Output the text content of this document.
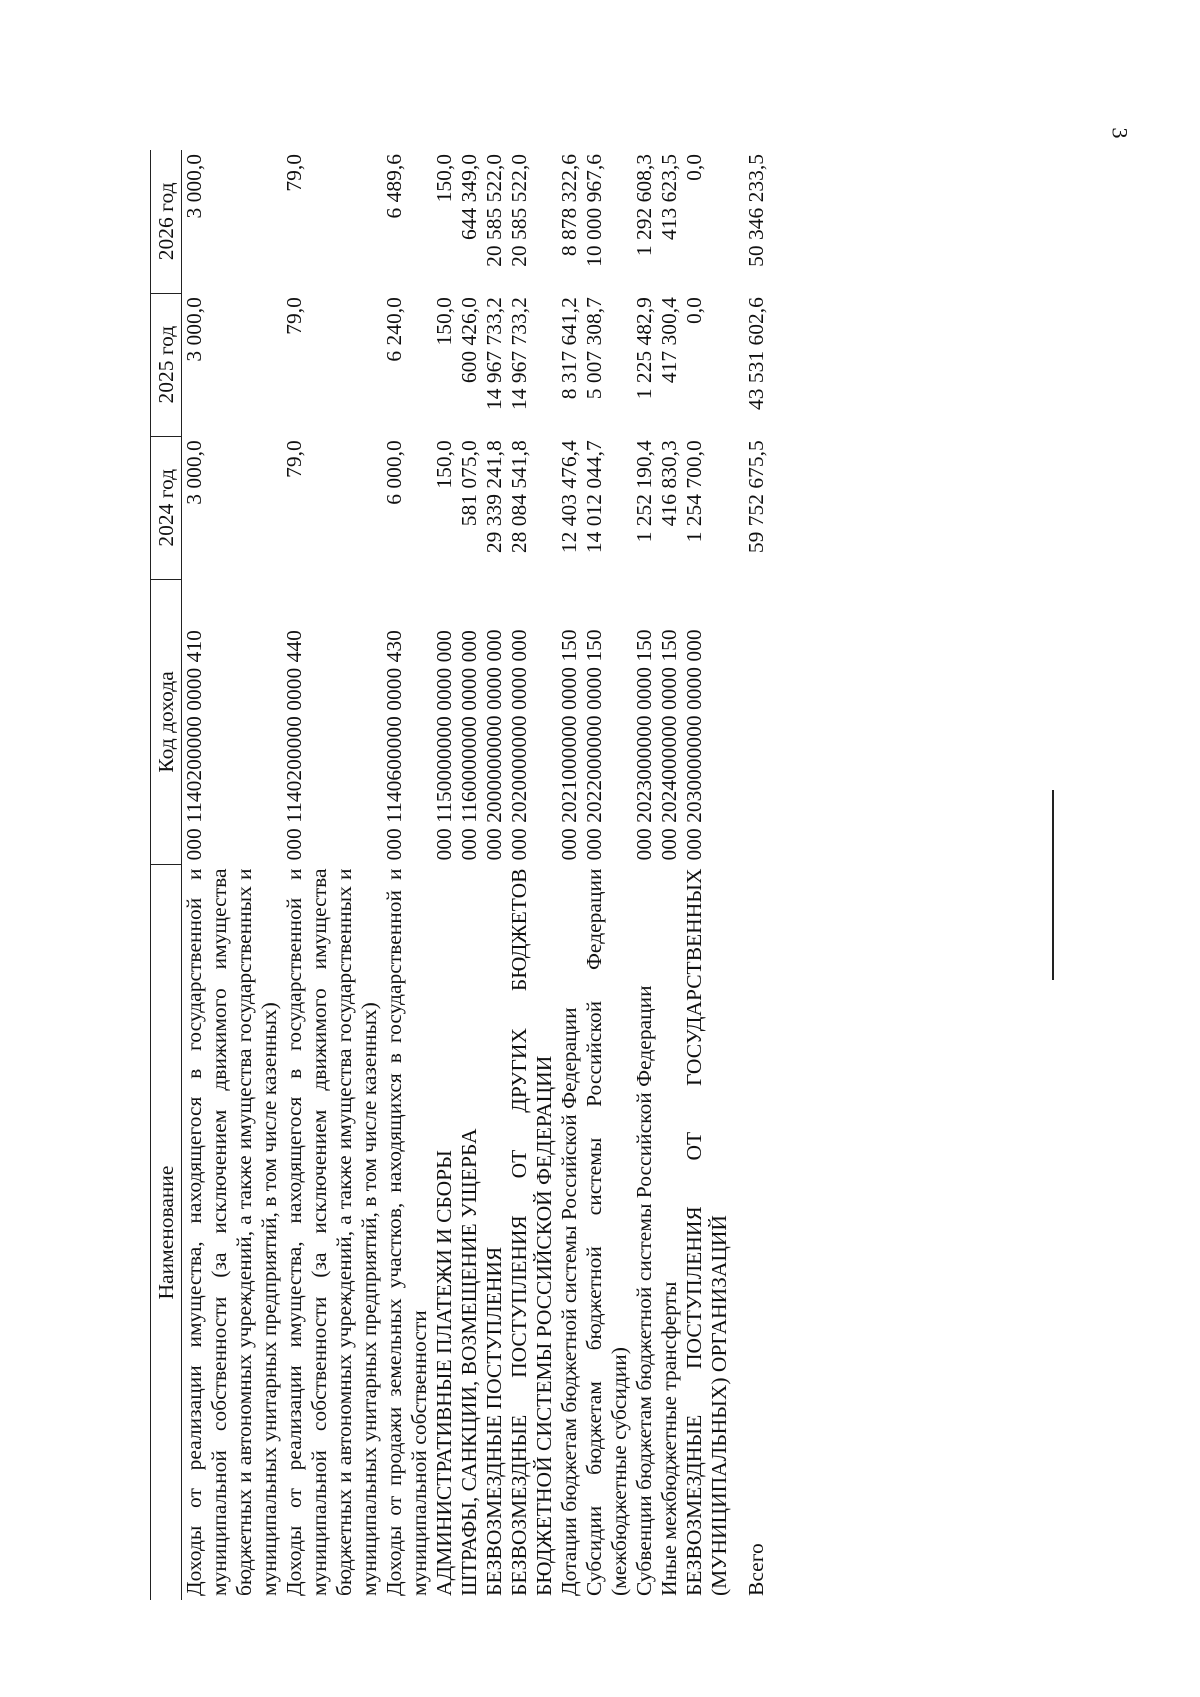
3
Наименование	Код дохода	2024 год	2025 год	2026 год
Доходы от реализации имущества, находящегося в государственной и муниципальной собственности (за исключением движимого имущества бюджетных и автономных учреждений, а также имущества государственных и муниципальных унитарных предприятий, в том числе казенных)	000 1140200000 0000 410	3 000,0	3 000,0	3 000,0
Доходы от реализации имущества, находящегося в государственной и муниципальной собственности (за исключением движимого имущества бюджетных и автономных учреждений, а также имущества государственных и муниципальных унитарных предприятий, в том числе казенных)	000 1140200000 0000 440	79,0	79,0	79,0
Доходы от продажи земельных участков, находящихся в государственной и муниципальной собственности	000 1140600000 0000 430	6 000,0	6 240,0	6 489,6
АДМИНИСТРАТИВНЫЕ ПЛАТЕЖИ И СБОРЫ	000 1150000000 0000 000	150,0	150,0	150,0
ШТРАФЫ, САНКЦИИ, ВОЗМЕЩЕНИЕ УЩЕРБА	000 1160000000 0000 000	581 075,0	600 426,0	644 349,0
БЕЗВОЗМЕЗДНЫЕ ПОСТУПЛЕНИЯ	000 2000000000 0000 000	29 339 241,8	14 967 733,2	20 585 522,0
БЕЗВОЗМЕЗДНЫЕ ПОСТУПЛЕНИЯ ОТ ДРУГИХ БЮДЖЕТОВ БЮДЖЕТНОЙ СИСТЕМЫ РОССИЙСКОЙ ФЕДЕРАЦИИ	000 2020000000 0000 000	28 084 541,8	14 967 733,2	20 585 522,0
Дотации бюджетам бюджетной системы Российской Федерации	000 2021000000 0000 150	12 403 476,4	8 317 641,2	8 878 322,6
Субсидии бюджетам бюджетной системы Российской Федерации (межбюджетные субсидии)	000 2022000000 0000 150	14 012 044,7	5 007 308,7	10 000 967,6
Субвенции бюджетам бюджетной системы Российской Федерации	000 2023000000 0000 150	1 252 190,4	1 225 482,9	1 292 608,3
Иные межбюджетные трансферты	000 2024000000 0000 150	416 830,3	417 300,4	413 623,5
БЕЗВОЗМЕЗДНЫЕ ПОСТУПЛЕНИЯ ОТ ГОСУДАРСТВЕННЫХ (МУНИЦИПАЛЬНЫХ) ОРГАНИЗАЦИЙ	000 2030000000 0000 000	1 254 700,0	0,0	0,0

Всего		59 752 675,5	43 531 602,6	50 346 233,5
